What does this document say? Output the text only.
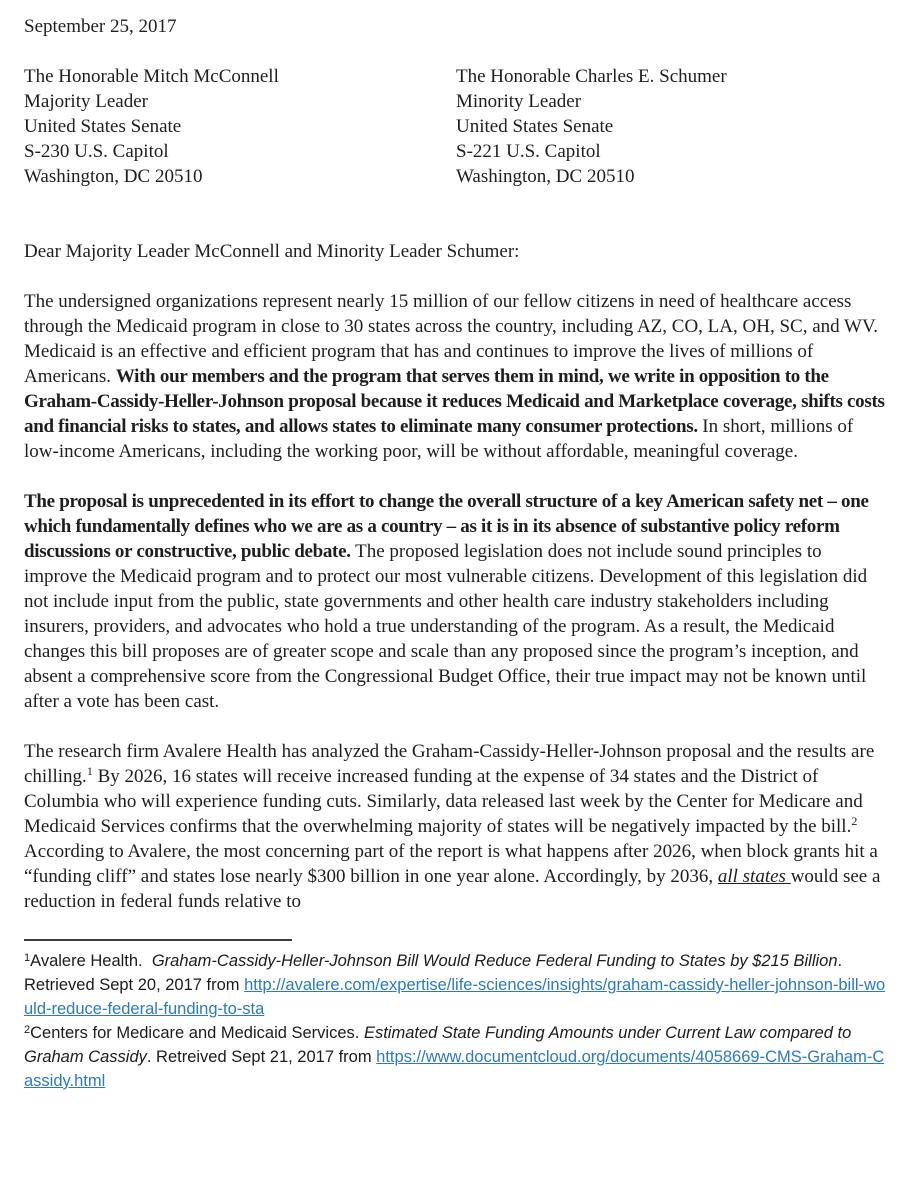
September 25, 2017
The Honorable Mitch McConnell
Majority Leader
United States Senate
S-230 U.S. Capitol
Washington, DC 20510
The Honorable Charles E. Schumer
Minority Leader
United States Senate
S-221 U.S. Capitol
Washington, DC 20510
Dear Majority Leader McConnell and Minority Leader Schumer:

The undersigned organizations represent nearly 15 million of our fellow citizens in need of healthcare access through the Medicaid program in close to 30 states across the country, including AZ, CO, LA, OH, SC, and WV. Medicaid is an effective and efficient program that has and continues to improve the lives of millions of Americans. With our members and the program that serves them in mind, we write in opposition to the Graham-Cassidy-Heller-Johnson proposal because it reduces Medicaid and Marketplace coverage, shifts costs and financial risks to states, and allows states to eliminate many consumer protections. In short, millions of low-income Americans, including the working poor, will be without affordable, meaningful coverage.

The proposal is unprecedented in its effort to change the overall structure of a key American safety net – one which fundamentally defines who we are as a country – as it is in its absence of substantive policy reform discussions or constructive, public debate. The proposed legislation does not include sound principles to improve the Medicaid program and to protect our most vulnerable citizens. Development of this legislation did not include input from the public, state governments and other health care industry stakeholders including insurers, providers, and advocates who hold a true understanding of the program. As a result, the Medicaid changes this bill proposes are of greater scope and scale than any proposed since the program’s inception, and absent a comprehensive score from the Congressional Budget Office, their true impact may not be known until after a vote has been cast.

The research firm Avalere Health has analyzed the Graham-Cassidy-Heller-Johnson proposal and the results are chilling.$^1$ By 2026, 16 states will receive increased funding at the expense of 34 states and the District of Columbia who will experience funding cuts. Similarly, data released last week by the Center for Medicare and Medicaid Services confirms that the overwhelming majority of states will be negatively impacted by the bill.$^2$ According to Avalere, the most concerning part of the report is what happens after 2026, when block grants hit a “funding cliff” and states lose nearly $300 billion in one year alone. Accordingly, by 2036, all states would see a reduction in federal funds relative to

$^1$Avalere Health.  Graham-Cassidy-Heller-Johnson Bill Would Reduce Federal Funding to States by $215 Billion. Retrieved Sept 20, 2017 from http://avalere.com/expertise/life-sciences/insights/graham-cassidy-heller-johnson-bill-would-reduce-federal-funding-to-sta
$^2$Centers for Medicare and Medicaid Services. Estimated State Funding Amounts under Current Law compared to Graham Cassidy. Retreived Sept 21, 2017 from https://www.documentcloud.org/documents/4058669-CMS-Graham-Cassidy.html
